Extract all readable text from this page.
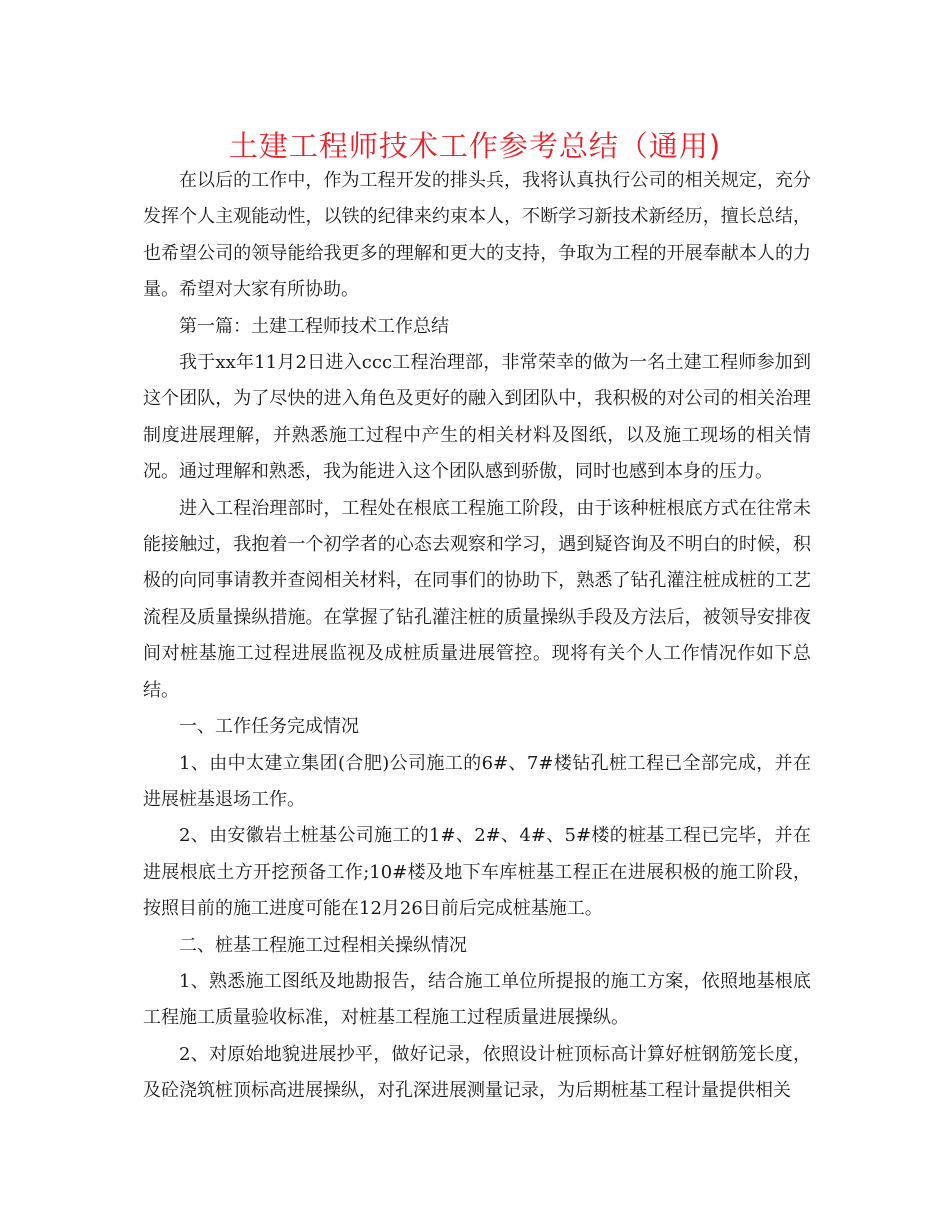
土建工程师技术工作参考总结（通用)

在以后的工作中，作为工程开发的排头兵，我将认真执行公司的相关规定，充分发挥个人主观能动性，以铁的纪律来约束本人，不断学习新技术新经历，擅长总结，也希望公司的领导能给我更多的理解和更大的支持，争取为工程的开展奉献本人的力量。希望对大家有所协助。

第一篇：土建工程师技术工作总结

我于xx年11月2日进入ccc工程治理部，非常荣幸的做为一名土建工程师参加到这个团队，为了尽快的进入角色及更好的融入到团队中，我积极的对公司的相关治理制度进展理解，并熟悉施工过程中产生的相关材料及图纸，以及施工现场的相关情况。通过理解和熟悉，我为能进入这个团队感到骄傲，同时也感到本身的压力。

进入工程治理部时，工程处在根底工程施工阶段，由于该种桩根底方式在往常未能接触过，我抱着一个初学者的心态去观察和学习，遇到疑咨询及不明白的时候，积极的向同事请教并查阅相关材料，在同事们的协助下，熟悉了钻孔灌注桩成桩的工艺流程及质量操纵措施。在掌握了钻孔灌注桩的质量操纵手段及方法后，被领导安排夜间对桩基施工过程进展监视及成桩质量进展管控。现将有关个人工作情况作如下总结。

一、工作任务完成情况

1、由中太建立集团(合肥)公司施工的6#、7#楼钻孔桩工程已全部完成，并在进展桩基退场工作。

2、由安徽岩土桩基公司施工的1#、2#、4#、5#楼的桩基工程已完毕，并在进展根底土方开挖预备工作;10#楼及地下车库桩基工程正在进展积极的施工阶段，按照目前的施工进度可能在12月26日前后完成桩基施工。

二、桩基工程施工过程相关操纵情况

1、熟悉施工图纸及地勘报告，结合施工单位所提报的施工方案，依照地基根底工程施工质量验收标准，对桩基工程施工过程质量进展操纵。

2、对原始地貌进展抄平，做好记录，依照设计桩顶标高计算好桩钢筋笼长度，及砼浇筑桩顶标高进展操纵，对孔深进展测量记录，为后期桩基工程计量提供相关
